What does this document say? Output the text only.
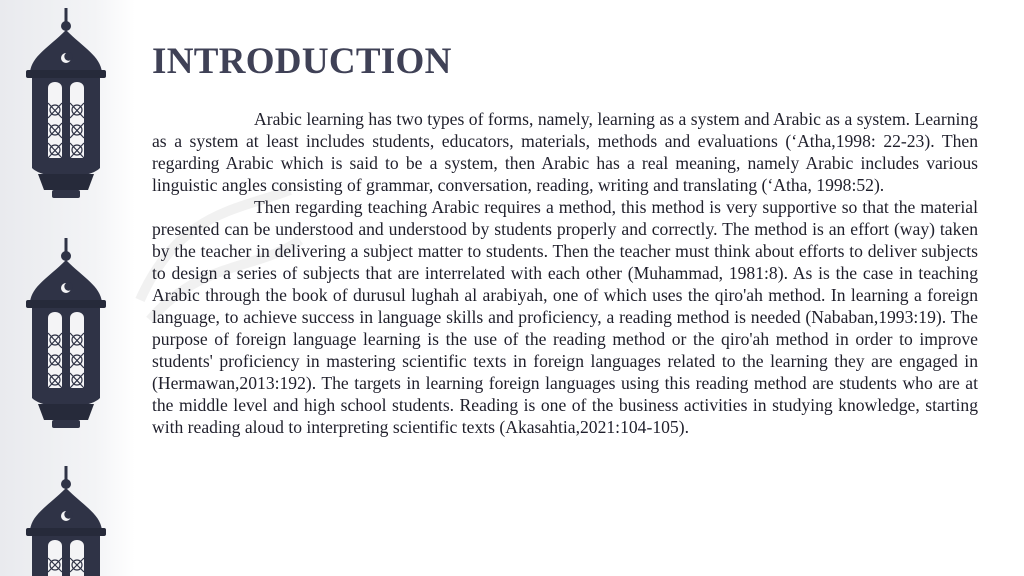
INTRODUCTION

Arabic learning has two types of forms, namely, learning as a system and Arabic as a system. Learning as a system at least includes students, educators, materials, methods and evaluations (‘Atha,1998: 22-23). Then regarding Arabic which is said to be a system, then Arabic has a real meaning, namely Arabic includes various linguistic angles consisting of grammar, conversation, reading, writing and translating (‘Atha, 1998:52).

Then regarding teaching Arabic requires a method, this method is very supportive so that the material presented can be understood and understood by students properly and correctly. The method is an effort (way) taken by the teacher in delivering a subject matter to students. Then the teacher must think about efforts to deliver subjects to design a series of subjects that are interrelated with each other (Muhammad, 1981:8). As is the case in teaching Arabic through the book of durusul lughah al arabiyah, one of which uses the qiro'ah method. In learning a foreign language, to achieve success in language skills and proficiency, a reading method is needed (Nababan,1993:19). The purpose of foreign language learning is the use of the reading method or the qiro'ah method in order to improve students' proficiency in mastering scientific texts in foreign languages related to the learning they are engaged in (Hermawan,2013:192). The targets in learning foreign languages using this reading method are students who are at the middle level and high school students. Reading is one of the business activities in studying knowledge, starting with reading aloud to interpreting scientific texts (Akasahtia,2021:104-105).
